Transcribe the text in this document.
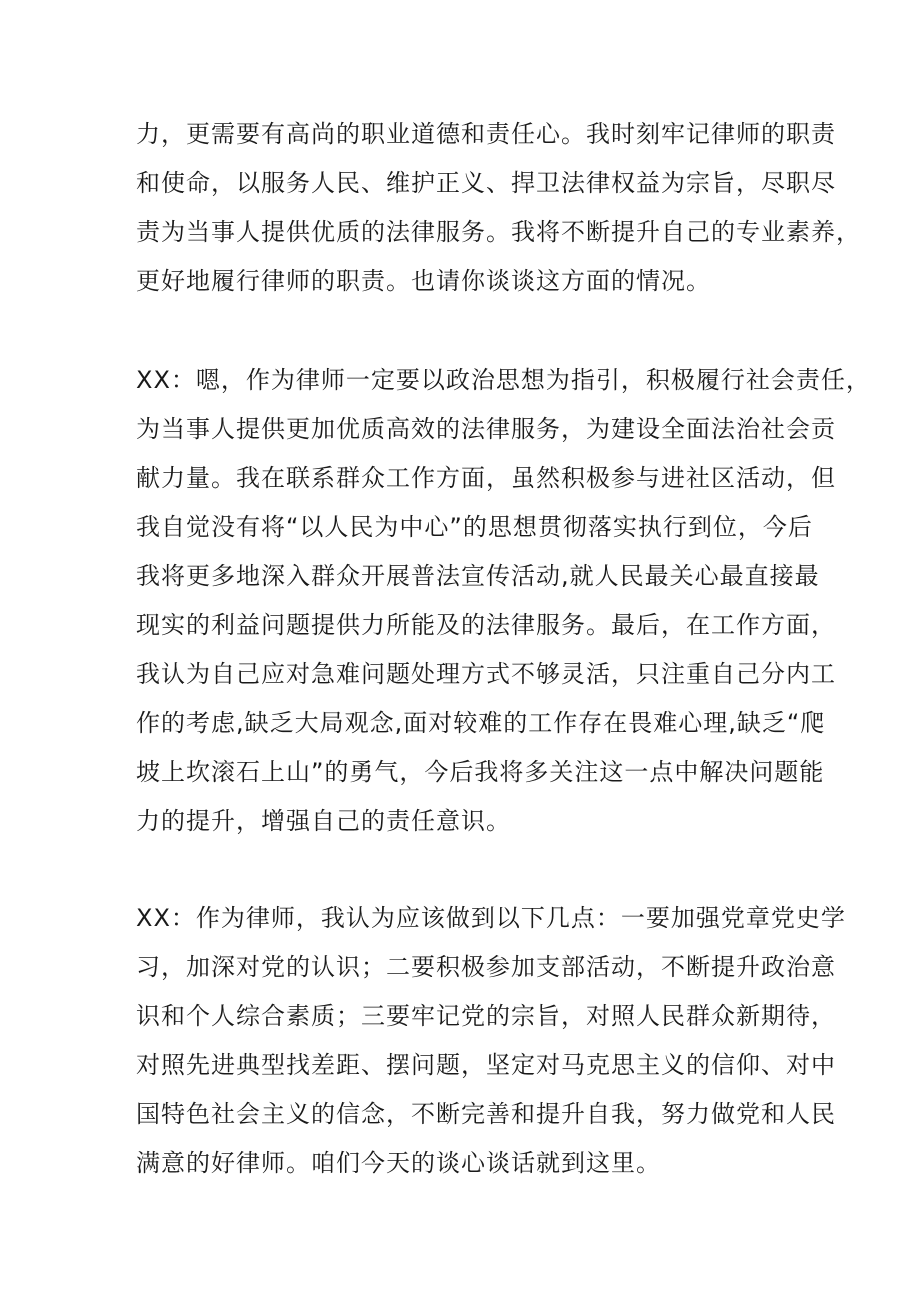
力，更需要有高尚的职业道德和责任心。我时刻牢记律师的职责
和使命，以服务人民、维护正义、捍卫法律权益为宗旨，尽职尽
责为当事人提供优质的法律服务。我将不断提升自己的专业素养，
更好地履行律师的职责。也请你谈谈这方面的情况。
XX：嗯，作为律师一定要以政治思想为指引，积极履行社会责任，
为当事人提供更加优质高效的法律服务，为建设全面法治社会贡
献力量。我在联系群众工作方面，虽然积极参与进社区活动，但
我自觉没有将“以人民为中心”的思想贯彻落实执行到位，今后
我将更多地深入群众开展普法宣传活动,就人民最关心最直接最
现实的利益问题提供力所能及的法律服务。最后，在工作方面，
我认为自己应对急难问题处理方式不够灵活，只注重自己分内工
作的考虑,缺乏大局观念,面对较难的工作存在畏难心理,缺乏“爬
坡上坎滚石上山”的勇气，今后我将多关注这一点中解决问题能
力的提升，增强自己的责任意识。
XX：作为律师，我认为应该做到以下几点：一要加强党章党史学
习，加深对党的认识；二要积极参加支部活动，不断提升政治意
识和个人综合素质；三要牢记党的宗旨，对照人民群众新期待，
对照先进典型找差距、摆问题，坚定对马克思主义的信仰、对中
国特色社会主义的信念，不断完善和提升自我，努力做党和人民
满意的好律师。咱们今天的谈心谈话就到这里。
